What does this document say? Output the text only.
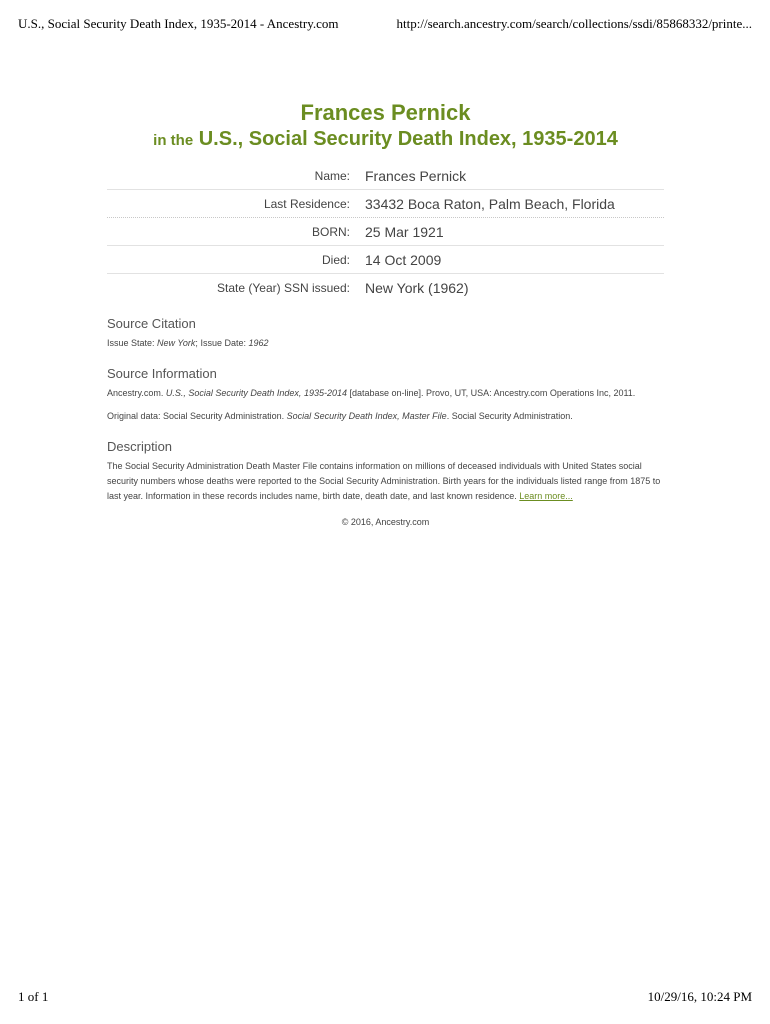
U.S., Social Security Death Index, 1935-2014 - Ancestry.com	http://search.ancestry.com/search/collections/ssdi/85868332/printe...
Frances Pernick
in the U.S., Social Security Death Index, 1935-2014
Name: Frances Pernick
Last Residence: 33432 Boca Raton, Palm Beach, Florida
BORN: 25 Mar 1921
Died: 14 Oct 2009
State (Year) SSN issued: New York (1962)
Source Citation

Issue State: New York; Issue Date: 1962

Source Information

Ancestry.com. U.S., Social Security Death Index, 1935-2014 [database on-line]. Provo, UT, USA: Ancestry.com Operations Inc, 2011.

Original data: Social Security Administration. Social Security Death Index, Master File. Social Security Administration.

Description

The Social Security Administration Death Master File contains information on millions of deceased individuals with United States social security numbers whose deaths were reported to the Social Security Administration. Birth years for the individuals listed range from 1875 to last year. Information in these records includes name, birth date, death date, and last known residence. Learn more...

© 2016, Ancestry.com
1 of 1	10/29/16, 10:24 PM
